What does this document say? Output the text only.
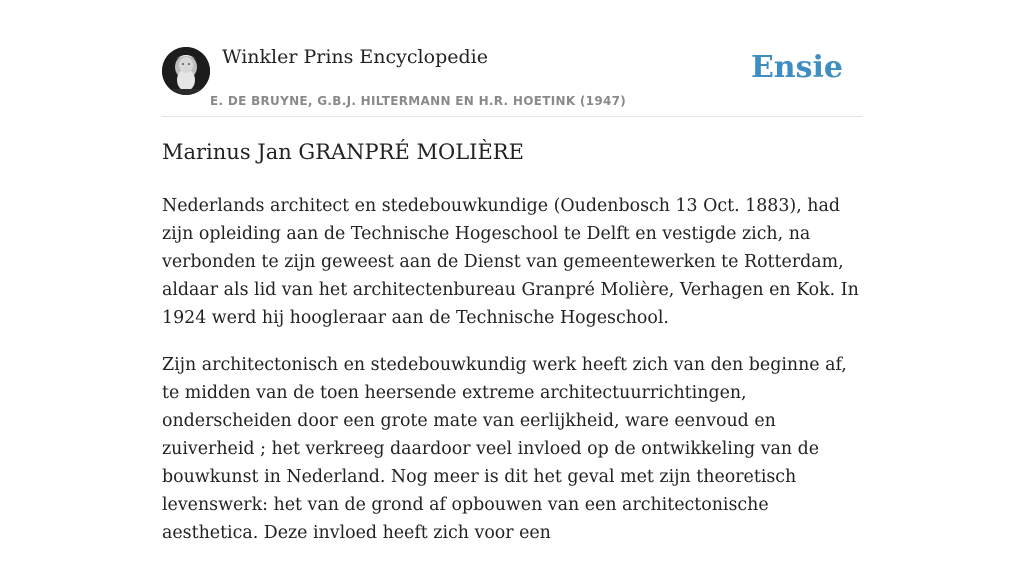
Winkler Prins Encyclopedie
E. DE BRUYNE, G.B.J. HILTERMANN EN H.R. HOETINK (1947)
Ensie
Marinus Jan GRANPRÉ MOLIÈRE

Nederlands architect en stedebouwkundige (Oudenbosch 13 Oct. 1883), had zijn opleiding aan de Technische Hogeschool te Delft en vestigde zich, na verbonden te zijn geweest aan de Dienst van gemeentewerken te Rotterdam, aldaar als lid van het architectenbureau Granpré Molière, Verhagen en Kok. In 1924 werd hij hoogleraar aan de Technische Hogeschool.

Zijn architectonisch en stedebouwkundig werk heeft zich van den beginne af, te midden van de toen heersende extreme architectuurrichtingen, onderscheiden door een grote mate van eerlijkheid, ware eenvoud en zuiverheid ; het verkreeg daardoor veel invloed op de ontwikkeling van de bouwkunst in Nederland. Nog meer is dit het geval met zijn theoretisch levenswerk: het van de grond af opbouwen van een architectonische aesthetica. Deze invloed heeft zich voor een
